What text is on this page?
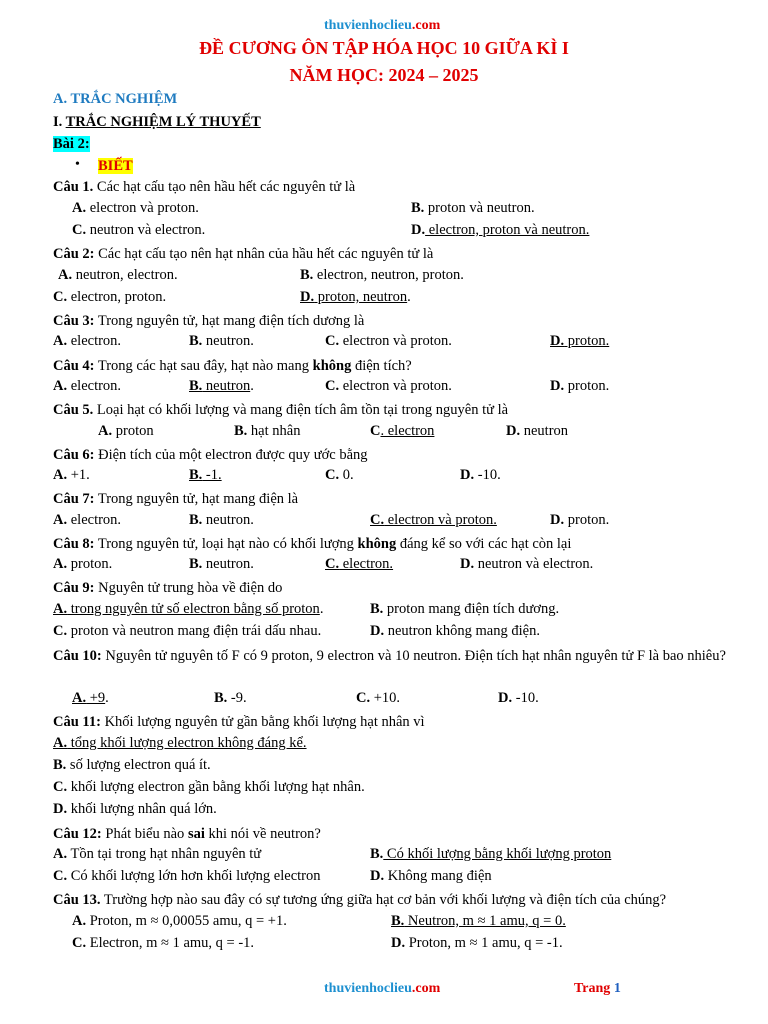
thuvienhoclieu.com
ĐỀ CƯƠNG ÔN TẬP HÓA HỌC 10 GIỮA KÌ I
NĂM HỌC: 2024 – 2025
A. TRẮC NGHIỆM
I. TRẮC NGHIỆM LÝ THUYẾT
Bài 2:
• BIẾT
Câu 1. Các hạt cấu tạo nên hầu hết các nguyên tử là
A. electron và proton.	B. proton và neutron.
C. neutron và electron.	D. electron, proton và neutron.
Câu 2: Các hạt cấu tạo nên hạt nhân của hầu hết các nguyên tử là
A. neutron, electron.	B. electron, neutron, proton.
C. electron, proton.	D. proton, neutron.
Câu 3: Trong nguyên tử, hạt mang điện tích dương là
A. electron.	B. neutron.	C. electron và proton.	D. proton.
Câu 4: Trong các hạt sau đây, hạt nào mang không điện tích?
A. electron.	B. neutron.	C. electron và proton.	D. proton.
Câu 5. Loại hạt có khối lượng và mang điện tích âm tồn tại trong nguyên tử là
A. proton	B. hạt nhân	C. electron	D. neutron
Câu 6: Điện tích của một electron được quy ước bằng
A. +1.	B. -1.	C. 0.	D. -10.
Câu 7: Trong nguyên tử, hạt mang điện là
A. electron.	B. neutron.	C. electron và proton.	D. proton.
Câu 8: Trong nguyên tử, loại hạt nào có khối lượng không đáng kể so với các hạt còn lại
A. proton.	B. neutron.	C. electron.	D. neutron và electron.
Câu 9: Nguyên tử trung hòa về điện do
A. trong nguyên tử số electron bằng số proton.	B. proton mang điện tích dương.
C. proton và neutron mang điện trái dấu nhau.	D. neutron không mang điện.
Câu 10: Nguyên tử nguyên tố F có 9 proton, 9 electron và 10 neutron. Điện tích hạt nhân nguyên tử F là bao nhiêu?
A. +9.	B. -9.	C. +10.	D. -10.
Câu 11: Khối lượng nguyên tử gần bằng khối lượng hạt nhân vì
A. tổng khối lượng electron không đáng kể.
B. số lượng electron quá ít.
C. khối lượng electron gần bằng khối lượng hạt nhân.
D. khối lượng nhân quá lớn.
Câu 12: Phát biểu nào sai khi nói về neutron?
A. Tồn tại trong hạt nhân nguyên tử	B. Có khối lượng bằng khối lượng proton
C. Có khối lượng lớn hơn khối lượng electron	D. Không mang điện
Câu 13. Trường hợp nào sau đây có sự tương ứng giữa hạt cơ bản với khối lượng và điện tích của chúng?
A. Proton, m ≈ 0,00055 amu, q = +1.	B. Neutron, m ≈ 1 amu, q = 0.
C. Electron, m ≈ 1 amu, q = -1.	D. Proton, m ≈ 1 amu, q = -1.
thuvienhoclieu.com	Trang 1
